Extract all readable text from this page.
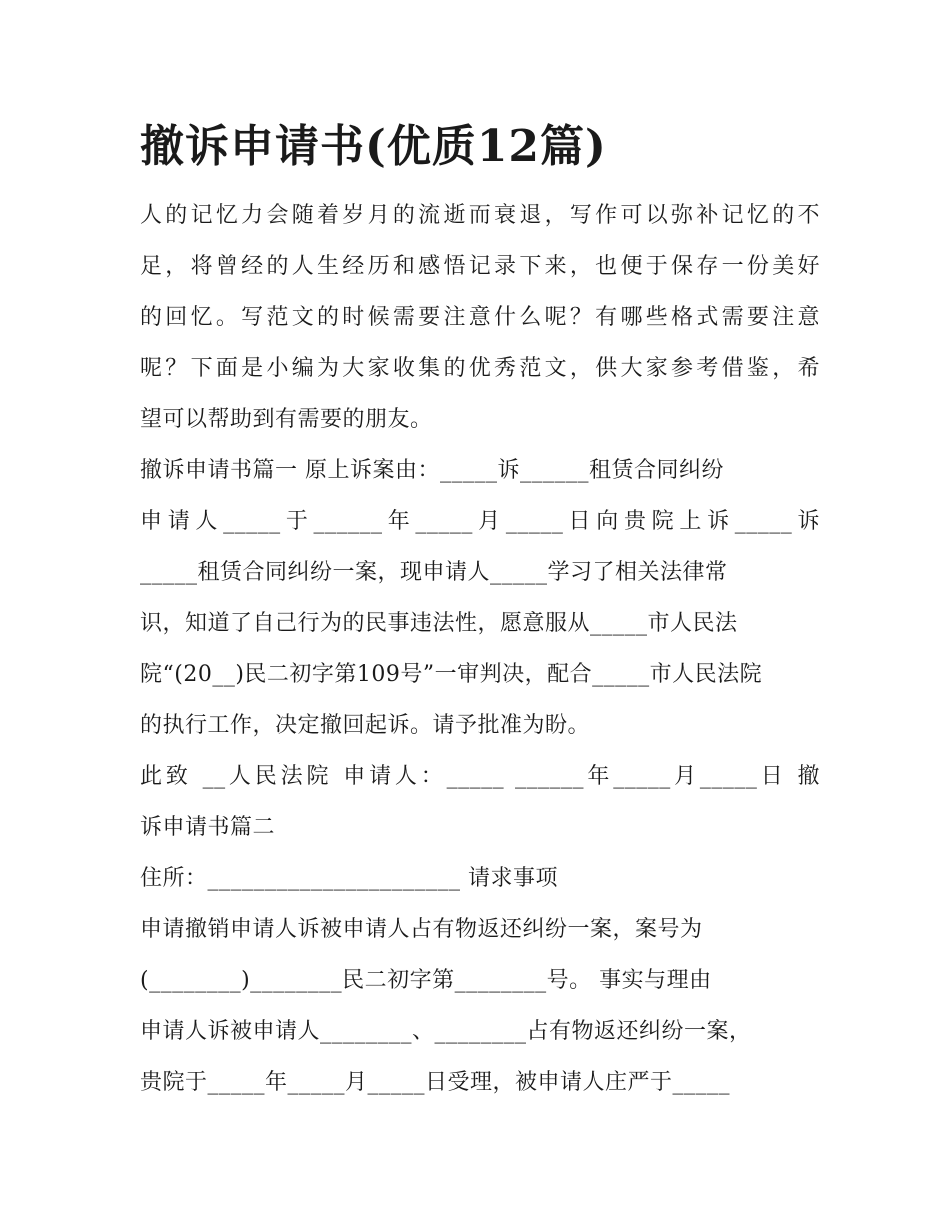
撤诉申请书(优质12篇)
人的记忆力会随着岁月的流逝而衰退，写作可以弥补记忆的不
足，将曾经的人生经历和感悟记录下来，也便于保存一份美好
的回忆。写范文的时候需要注意什么呢？有哪些格式需要注意
呢？下面是小编为大家收集的优秀范文，供大家参考借鉴，希
望可以帮助到有需要的朋友。
撤诉申请书篇一 原上诉案由：_____诉______租赁合同纠纷
申请人_____于______年_____月_____日向贵院上诉_____诉
_____租赁合同纠纷一案，现申请人_____学习了相关法律常
识，知道了自己行为的民事违法性，愿意服从_____市人民法
院“(20__)民二初字第109号”一审判决，配合_____市人民法院
的执行工作，决定撤回起诉。请予批准为盼。
此致 __人民法院 申请人：_____ ______年_____月_____日 撤
诉申请书篇二
住所：______________________ 请求事项
申请撤销申请人诉被申请人占有物返还纠纷一案，案号为
(________)________民二初字第________号。 事实与理由
申请人诉被申请人________、________占有物返还纠纷一案，
贵院于_____年_____月_____日受理，被申请人庄严于_____
